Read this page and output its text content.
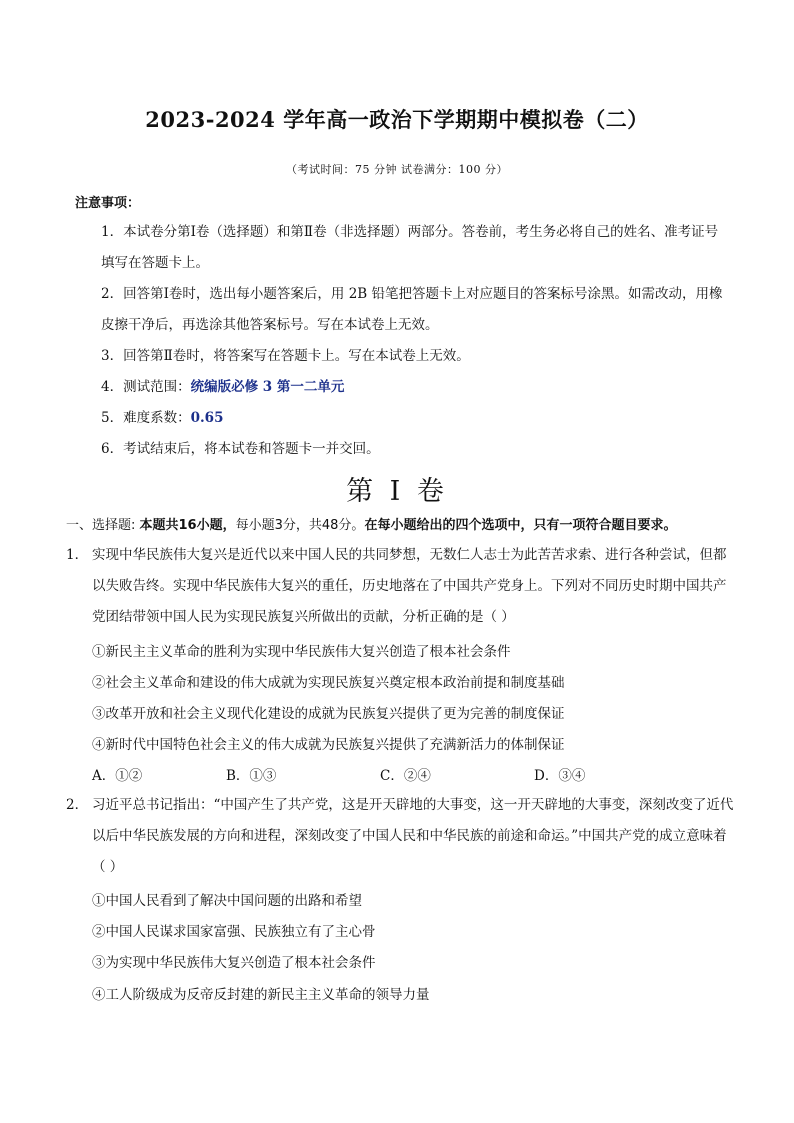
2023-2024 学年高一政治下学期期中模拟卷（二）
（考试时间：75 分钟 试卷满分：100 分）
注意事项：
1．本试卷分第Ⅰ卷（选择题）和第Ⅱ卷（非选择题）两部分。答卷前，考生务必将自己的姓名、准考证号填写在答题卡上。
2．回答第Ⅰ卷时，选出每小题答案后，用 2B 铅笔把答题卡上对应题目的答案标号涂黑。如需改动，用橡皮擦干净后，再选涂其他答案标号。写在本试卷上无效。
3．回答第Ⅱ卷时，将答案写在答题卡上。写在本试卷上无效。
4．测试范围：统编版必修 3 第一二单元
5．难度系数：0.65
6．考试结束后，将本试卷和答题卡一并交回。
第 I 卷
一、选择题: 本题共16小题，每小题3分，共48分。在每小题给出的四个选项中，只有一项符合题目要求。
1． 实现中华民族伟大复兴是近代以来中国人民的共同梦想，无数仁人志士为此苦苦求索、进行各种尝试，但都以失败告终。实现中华民族伟大复兴的重任，历史地落在了中国共产党身上。下列对不同历史时期中国共产党团结带领中国人民为实现民族复兴所做出的贡献，分析正确的是（ ）
①新民主主义革命的胜利为实现中华民族伟大复兴创造了根本社会条件
②社会主义革命和建设的伟大成就为实现民族复兴奠定根本政治前提和制度基础
③改革开放和社会主义现代化建设的成就为民族复兴提供了更为完善的制度保证
④新时代中国特色社会主义的伟大成就为民族复兴提供了充满新活力的体制保证
A．①②	B．①③	C．②④	D．③④
2． 习近平总书记指出：“中国产生了共产党，这是开天辟地的大事变，这一开天辟地的大事变，深刻改变了近代以后中华民族发展的方向和进程，深刻改变了中国人民和中华民族的前途和命运。”中国共产党的成立意味着（ ）
①中国人民看到了解决中国问题的出路和希望
②中国人民谋求国家富强、民族独立有了主心骨
③为实现中华民族伟大复兴创造了根本社会条件
④工人阶级成为反帝反封建的新民主主义革命的领导力量
